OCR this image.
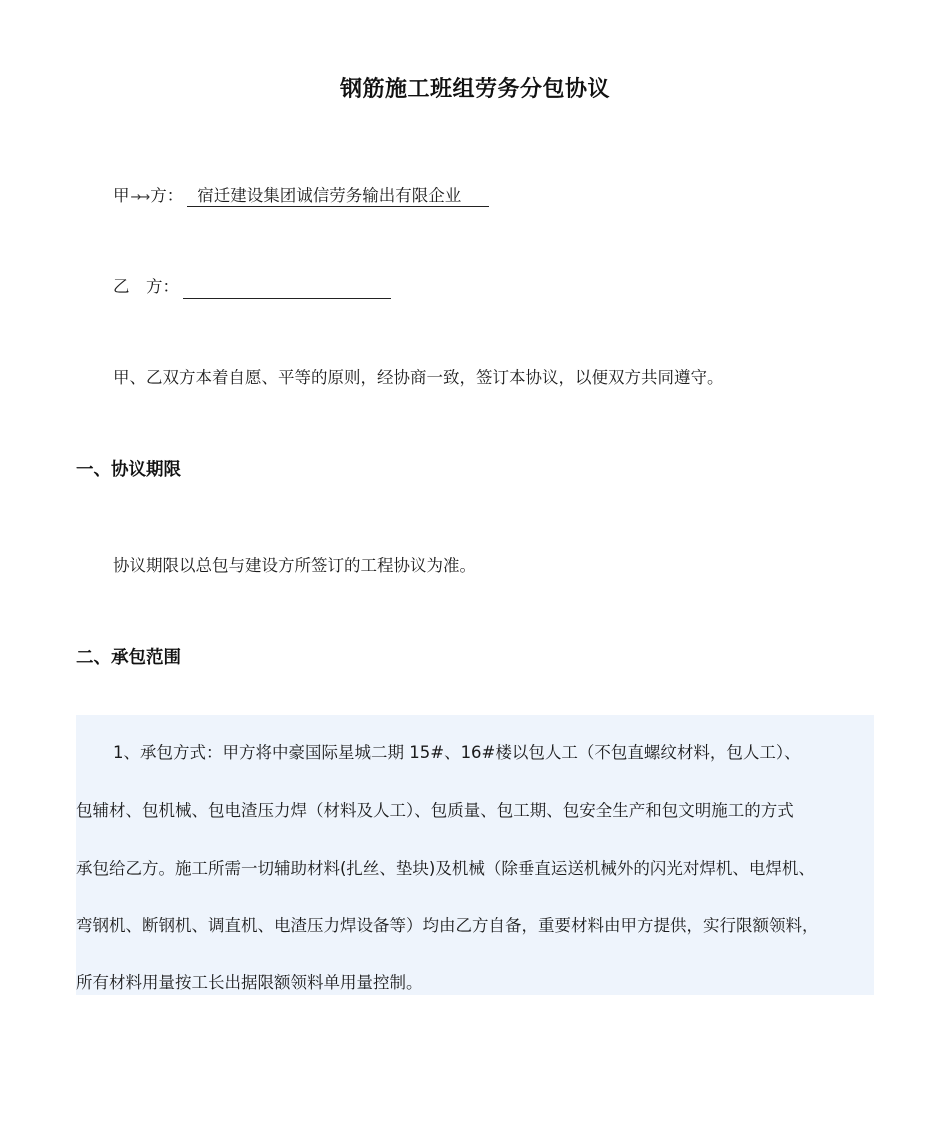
钢筋施工班组劳务分包协议
甲→→ 方： 宿迁建设集团诚信劳务输出有限企业
乙　方：
甲、乙双方本着自愿、平等的原则，经协商一致，签订本协议，以便双方共同遵守。
一、协议期限
协议期限以总包与建设方所签订的工程协议为准。
二、承包范围
1、承包方式：甲方将中豪国际星城二期 15#、16#楼以包人工（不包直螺纹材料，包人工）、
包辅材、包机械、包电渣压力焊（材料及人工）、包质量、包工期、包安全生产和包文明施工的方式
承包给乙方。施工所需一切辅助材料(扎丝、垫块)及机械（除垂直运送机械外的闪光对焊机、电焊机、
弯钢机、断钢机、调直机、电渣压力焊设备等）均由乙方自备，重要材料由甲方提供，实行限额领料，
所有材料用量按工长出据限额领料单用量控制。
